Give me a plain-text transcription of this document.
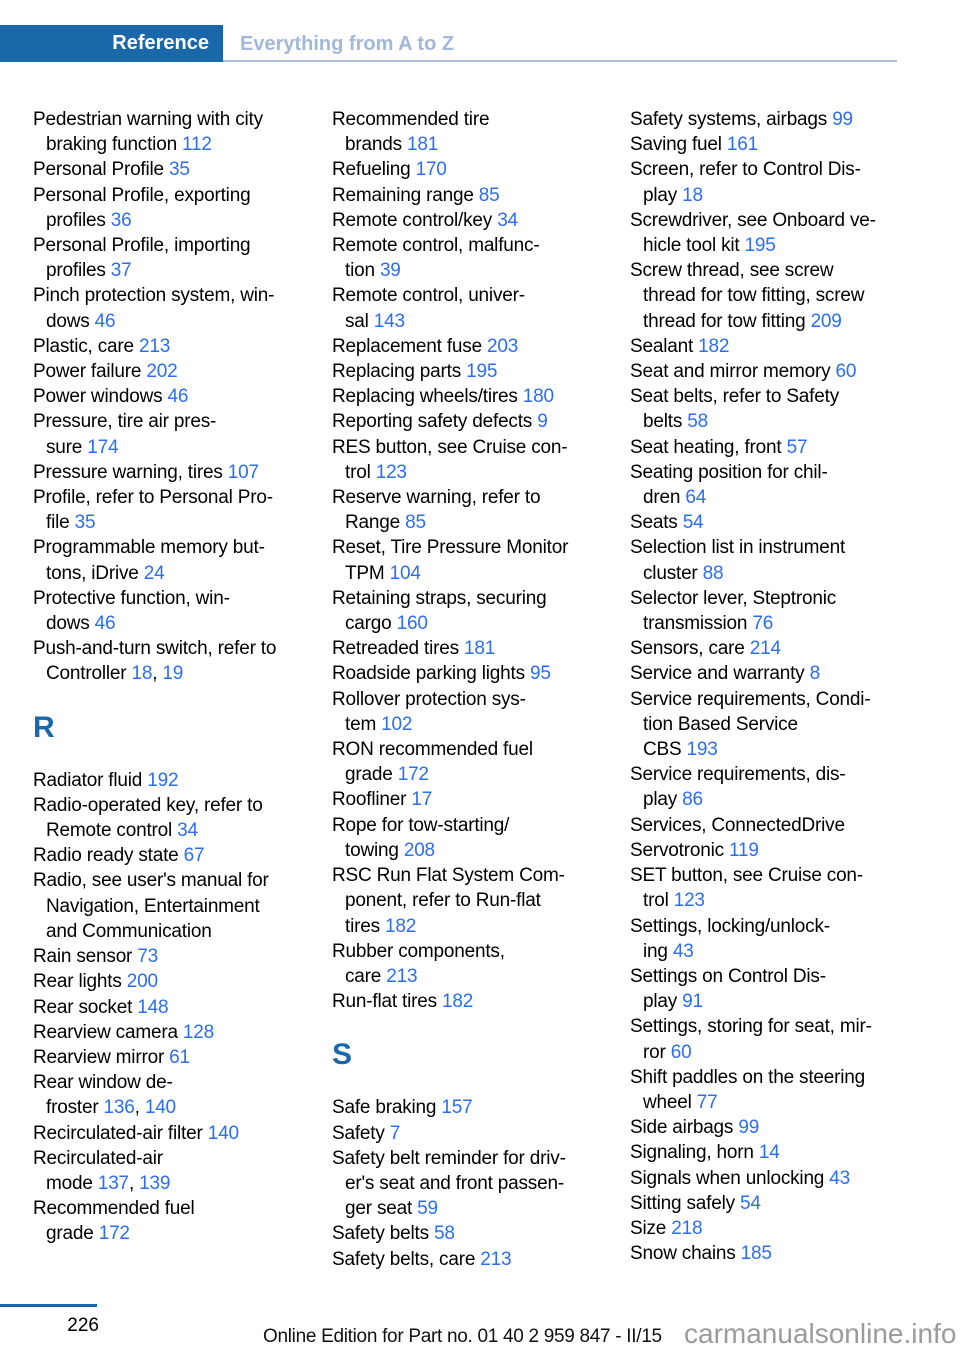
Reference	Everything from A to Z
Pedestrian warning with city
braking function 112
Personal Profile 35
Personal Profile, exporting
profiles 36
Personal Profile, importing
profiles 37
Pinch protection system, win-
dows 46
Plastic, care 213
Power failure 202
Power windows 46
Pressure, tire air pres-
sure 174
Pressure warning, tires 107
Profile, refer to Personal Pro-
file 35
Programmable memory but-
tons, iDrive 24
Protective function, win-
dows 46
Push-and-turn switch, refer to
Controller 18, 19
R
Radiator fluid 192
Radio-operated key, refer to
Remote control 34
Radio ready state 67
Radio, see user's manual for
Navigation, Entertainment
and Communication
Rain sensor 73
Rear lights 200
Rear socket 148
Rearview camera 128
Rearview mirror 61
Rear window de-
froster 136, 140
Recirculated-air filter 140
Recirculated-air
mode 137, 139
Recommended fuel
grade 172
Recommended tire
brands 181
Refueling 170
Remaining range 85
Remote control/key 34
Remote control, malfunc-
tion 39
Remote control, univer-
sal 143
Replacement fuse 203
Replacing parts 195
Replacing wheels/tires 180
Reporting safety defects 9
RES button, see Cruise con-
trol 123
Reserve warning, refer to
Range 85
Reset, Tire Pressure Monitor
TPM 104
Retaining straps, securing
cargo 160
Retreaded tires 181
Roadside parking lights 95
Rollover protection sys-
tem 102
RON recommended fuel
grade 172
Roofliner 17
Rope for tow-starting/
towing 208
RSC Run Flat System Com-
ponent, refer to Run-flat
tires 182
Rubber components,
care 213
Run-flat tires 182
S
Safe braking 157
Safety 7
Safety belt reminder for driv-
er's seat and front passen-
ger seat 59
Safety belts 58
Safety belts, care 213
Safety systems, airbags 99
Saving fuel 161
Screen, refer to Control Dis-
play 18
Screwdriver, see Onboard ve-
hicle tool kit 195
Screw thread, see screw
thread for tow fitting, screw
thread for tow fitting 209
Sealant 182
Seat and mirror memory 60
Seat belts, refer to Safety
belts 58
Seat heating, front 57
Seating position for chil-
dren 64
Seats 54
Selection list in instrument
cluster 88
Selector lever, Steptronic
transmission 76
Sensors, care 214
Service and warranty 8
Service requirements, Condi-
tion Based Service
CBS 193
Service requirements, dis-
play 86
Services, ConnectedDrive
Servotronic 119
SET button, see Cruise con-
trol 123
Settings, locking/unlock-
ing 43
Settings on Control Dis-
play 91
Settings, storing for seat, mir-
ror 60
Shift paddles on the steering
wheel 77
Side airbags 99
Signaling, horn 14
Signals when unlocking 43
Sitting safely 54
Size 218
Snow chains 185
226
Online Edition for Part no. 01 40 2 959 847 - II/15 carmanualsonline.info
